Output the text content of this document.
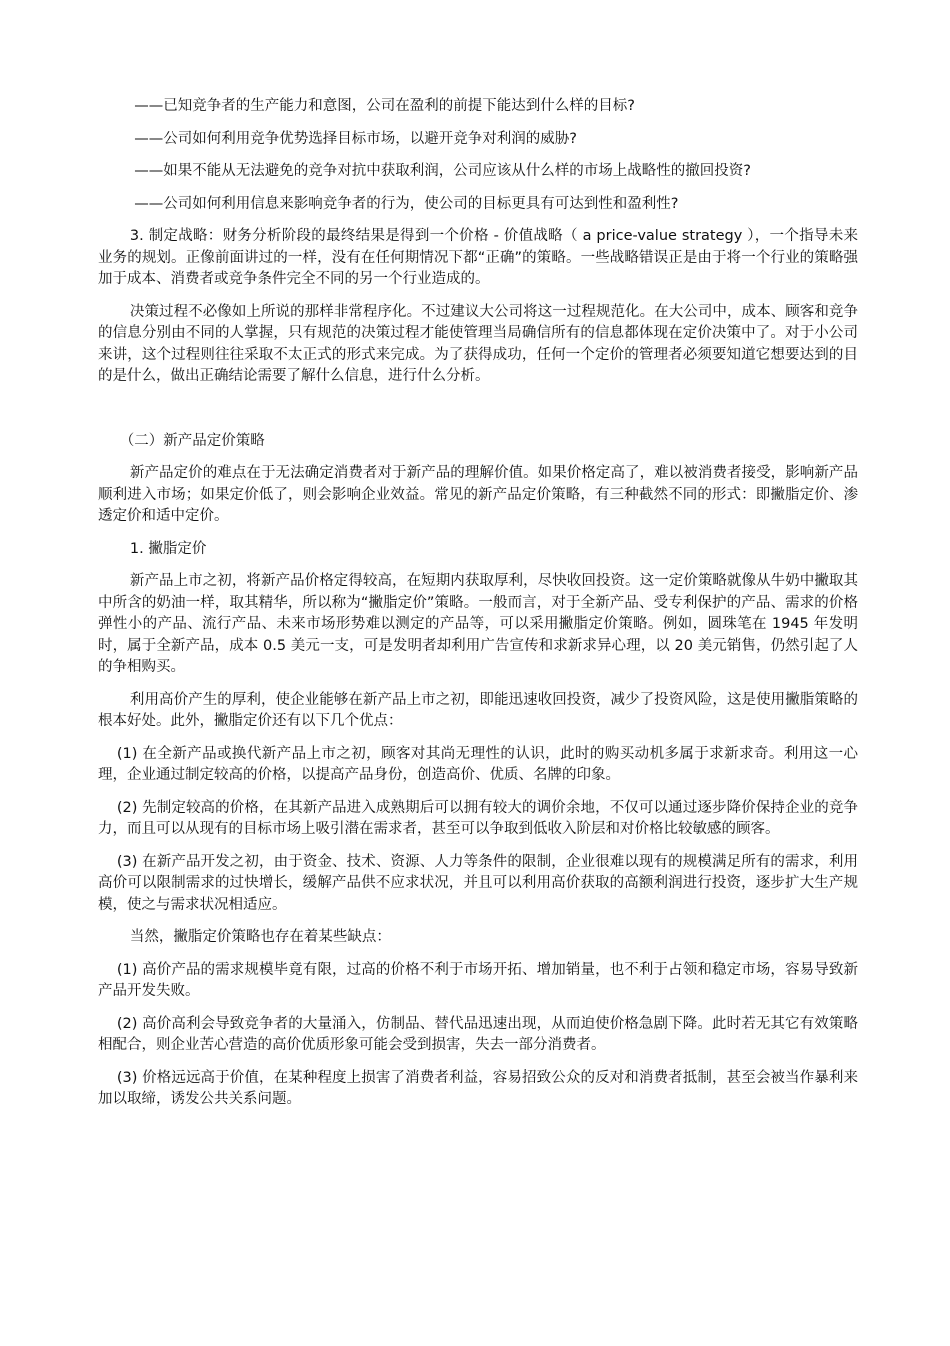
——已知竞争者的生产能力和意图，公司在盈利的前提下能达到什么样的目标?

——公司如何利用竞争优势选择目标市场，以避开竞争对利润的威胁?

——如果不能从无法避免的竞争对抗中获取利润，公司应该从什么样的市场上战略性的撤回投资?

——公司如何利用信息来影响竞争者的行为，使公司的目标更具有可达到性和盈利性?

3. 制定战略：财务分析阶段的最终结果是得到一个价格 - 价值战略（ a price-value strategy ），一个指导未来业务的规划。正像前面讲过的一样，没有在任何期情况下都“正确”的策略。一些战略错误正是由于将一个行业的策略强加于成本、消费者或竞争条件完全不同的另一个行业造成的。

决策过程不必像如上所说的那样非常程序化。不过建议大公司将这一过程规范化。在大公司中，成本、顾客和竞争的信息分别由不同的人掌握，只有规范的决策过程才能使管理当局确信所有的信息都体现在定价决策中了。对于小公司来讲，这个过程则往往采取不太正式的形式来完成。为了获得成功，任何一个定价的管理者必须要知道它想要达到的目的是什么，做出正确结论需要了解什么信息，进行什么分析。

（二）新产品定价策略

新产品定价的难点在于无法确定消费者对于新产品的理解价值。如果价格定高了，难以被消费者接受，影响新产品顺利进入市场；如果定价低了，则会影响企业效益。常见的新产品定价策略，有三种截然不同的形式：即撇脂定价、渗透定价和适中定价。

1. 撇脂定价

新产品上市之初，将新产品价格定得较高，在短期内获取厚利，尽快收回投资。这一定价策略就像从牛奶中撇取其中所含的奶油一样，取其精华，所以称为“撇脂定价”策略。一般而言，对于全新产品、受专利保护的产品、需求的价格弹性小的产品、流行产品、未来市场形势难以测定的产品等，可以采用撇脂定价策略。例如，圆珠笔在 1945 年发明时，属于全新产品，成本 0.5 美元一支，可是发明者却利用广告宣传和求新求异心理，以 20 美元销售，仍然引起了人的争相购买。

利用高价产生的厚利，使企业能够在新产品上市之初，即能迅速收回投资，减少了投资风险，这是使用撇脂策略的根本好处。此外，撇脂定价还有以下几个优点：

(1) 在全新产品或换代新产品上市之初，顾客对其尚无理性的认识，此时的购买动机多属于求新求奇。利用这一心理，企业通过制定较高的价格，以提高产品身份，创造高价、优质、名牌的印象。

(2) 先制定较高的价格，在其新产品进入成熟期后可以拥有较大的调价余地，不仅可以通过逐步降价保持企业的竞争力，而且可以从现有的目标市场上吸引潜在需求者，甚至可以争取到低收入阶层和对价格比较敏感的顾客。

(3) 在新产品开发之初，由于资金、技术、资源、人力等条件的限制，企业很难以现有的规模满足所有的需求，利用高价可以限制需求的过快增长，缓解产品供不应求状况，并且可以利用高价获取的高额利润进行投资，逐步扩大生产规模，使之与需求状况相适应。

当然，撇脂定价策略也存在着某些缺点：

(1) 高价产品的需求规模毕竟有限，过高的价格不利于市场开拓、增加销量，也不利于占领和稳定市场，容易导致新产品开发失败。

(2) 高价高利会导致竞争者的大量涌入，仿制品、替代品迅速出现，从而迫使价格急剧下降。此时若无其它有效策略相配合，则企业苦心营造的高价优质形象可能会受到损害，失去一部分消费者。

(3) 价格远远高于价值，在某种程度上损害了消费者利益，容易招致公众的反对和消费者抵制，甚至会被当作暴利来加以取缔，诱发公共关系问题。
